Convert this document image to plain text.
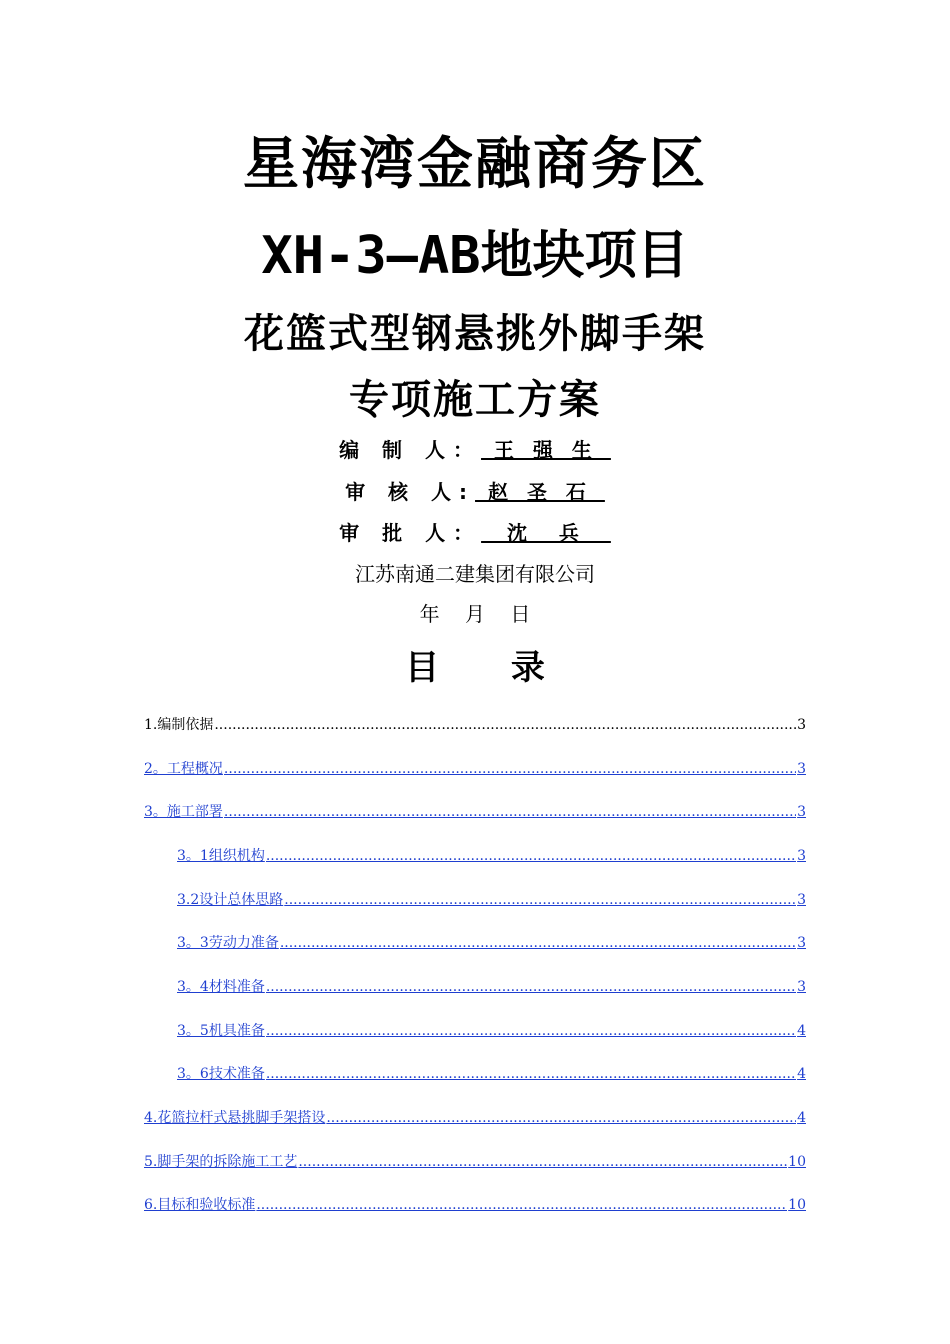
星海湾金融商务区
XH-3—AB地块项目
花篮式型钢悬挑外脚手架
专项施工方案
编 制 人： 王 强 生
审 核 人: 赵 圣 石
审 批 人：  沈  兵
江苏南通二建集团有限公司
年    月    日
目 录
1.编制依据 .....	3
2。工程概况 .....	3
3。施工部署 .....	3
3。1组织机构 .....	3
3.2设计总体思路 .....	3
3。3劳动力准备 .....	3
3。4材料准备 .....	3
3。5机具准备 .....	4
3。6技术准备 .....	4
4.花篮拉杆式悬挑脚手架搭设 .....	4
5.脚手架的拆除施工工艺 .....	10
6.目标和验收标准 .....	10
